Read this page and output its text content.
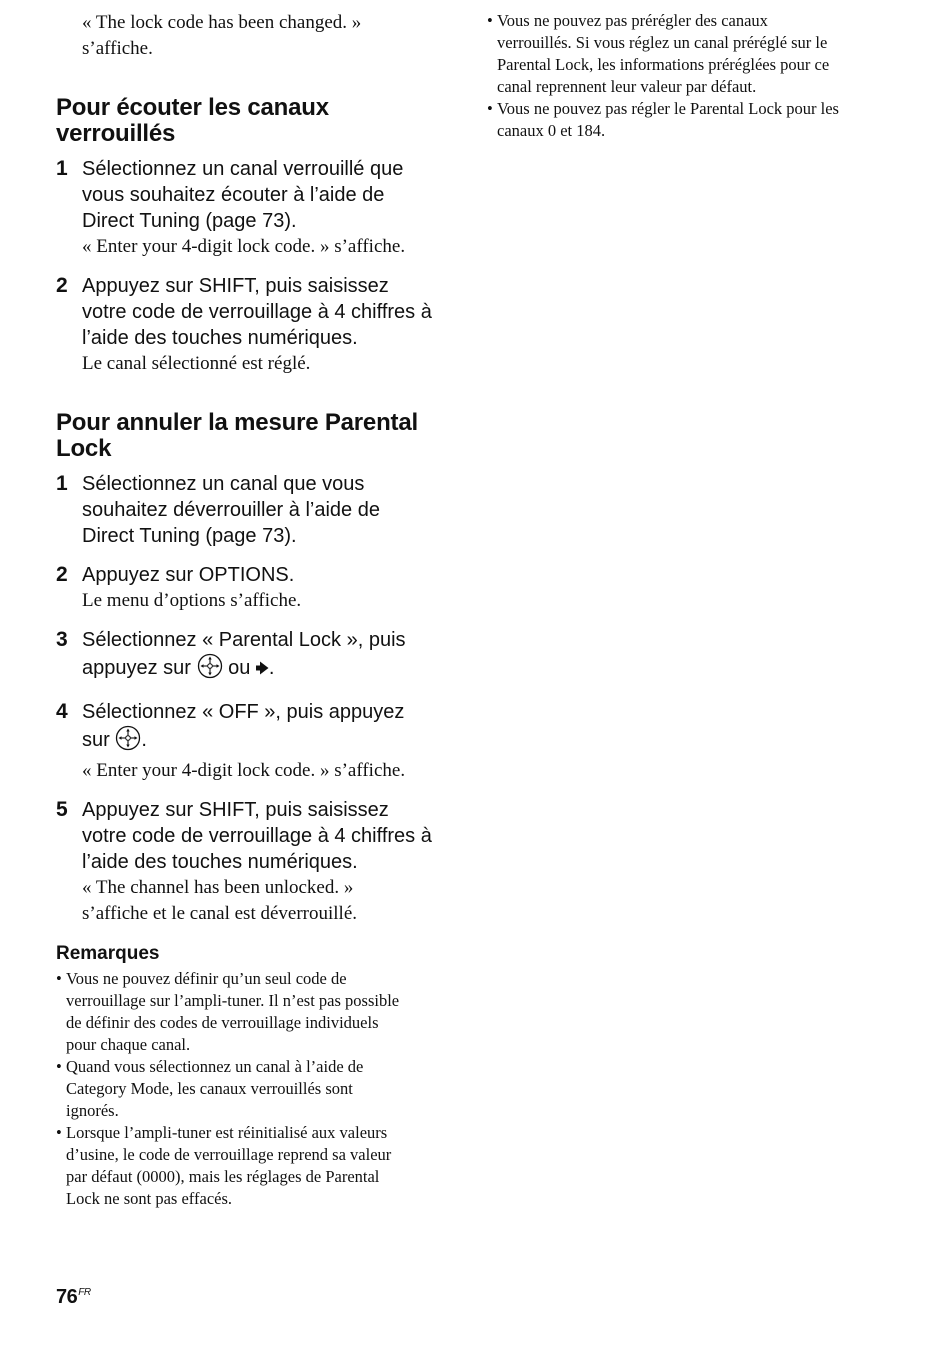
« The lock code has been changed. »
s’affiche.
Pour écouter les canaux
verrouillés
1 Sélectionnez un canal verrouillé que
vous souhaitez écouter à l’aide de
Direct Tuning (page 73).
« Enter your 4-digit lock code. » s’affiche.
2 Appuyez sur SHIFT, puis saisissez
votre code de verrouillage à 4 chiffres à
l’aide des touches numériques.
Le canal sélectionné est réglé.
Pour annuler la mesure Parental
Lock
1 Sélectionnez un canal que vous
souhaitez déverrouiller à l’aide de
Direct Tuning (page 73).
2 Appuyez sur OPTIONS.
Le menu d’options s’affiche.
3 Sélectionnez « Parental Lock », puis
appuyez sur ou .
4 Sélectionnez « OFF », puis appuyez
sur .
« Enter your 4-digit lock code. » s’affiche.
5 Appuyez sur SHIFT, puis saisissez
votre code de verrouillage à 4 chiffres à
l’aide des touches numériques.
« The channel has been unlocked. »
s’affiche et le canal est déverrouillé.
Remarques
• Vous ne pouvez définir qu’un seul code de
verrouillage sur l’ampli-tuner. Il n’est pas possible
de définir des codes de verrouillage individuels
pour chaque canal.
• Quand vous sélectionnez un canal à l’aide de
Category Mode, les canaux verrouillés sont
ignorés.
• Lorsque l’ampli-tuner est réinitialisé aux valeurs
d’usine, le code de verrouillage reprend sa valeur
par défaut (0000), mais les réglages de Parental
Lock ne sont pas effacés.
• Vous ne pouvez pas prérégler des canaux
verrouillés. Si vous réglez un canal préréglé sur le
Parental Lock, les informations préréglées pour ce
canal reprennent leur valeur par défaut.
• Vous ne pouvez pas régler le Parental Lock pour les
canaux 0 et 184.
$76^{FR}$
